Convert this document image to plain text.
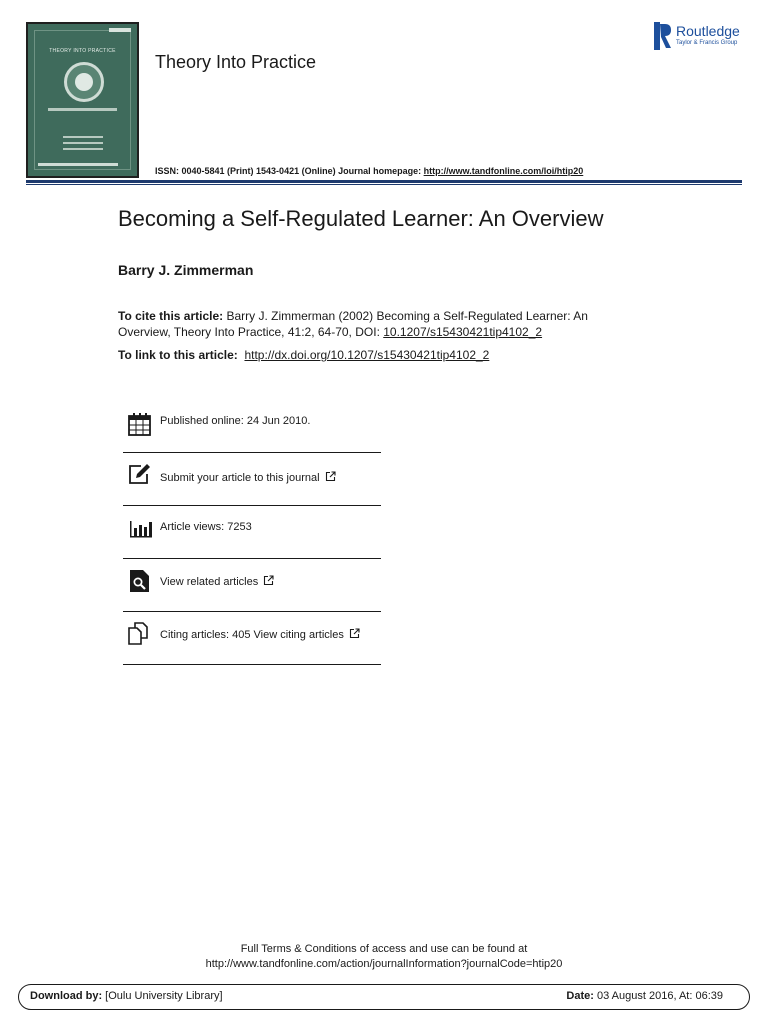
THEORY INTO PRACTICE
Theory Into Practice
ISSN: 0040-5841 (Print) 1543-0421 (Online) Journal homepage: http://www.tandfonline.com/loi/htip20
Routledge
Taylor & Francis Group
Becoming a Self-Regulated Learner: An Overview
Barry J. Zimmerman
To cite this article: Barry J. Zimmerman (2002) Becoming a Self-Regulated Learner: An Overview, Theory Into Practice, 41:2, 64-70, DOI: 10.1207/s15430421tip4102_2
To link to this article: http://dx.doi.org/10.1207/s15430421tip4102_2
Published online: 24 Jun 2010.
Submit your article to this journal
Article views: 7253
View related articles
Citing articles: 405 View citing articles
Full Terms & Conditions of access and use can be found at
http://www.tandfonline.com/action/journalInformation?journalCode=htip20
Download by: [Oulu University Library]	Date: 03 August 2016, At: 06:39
